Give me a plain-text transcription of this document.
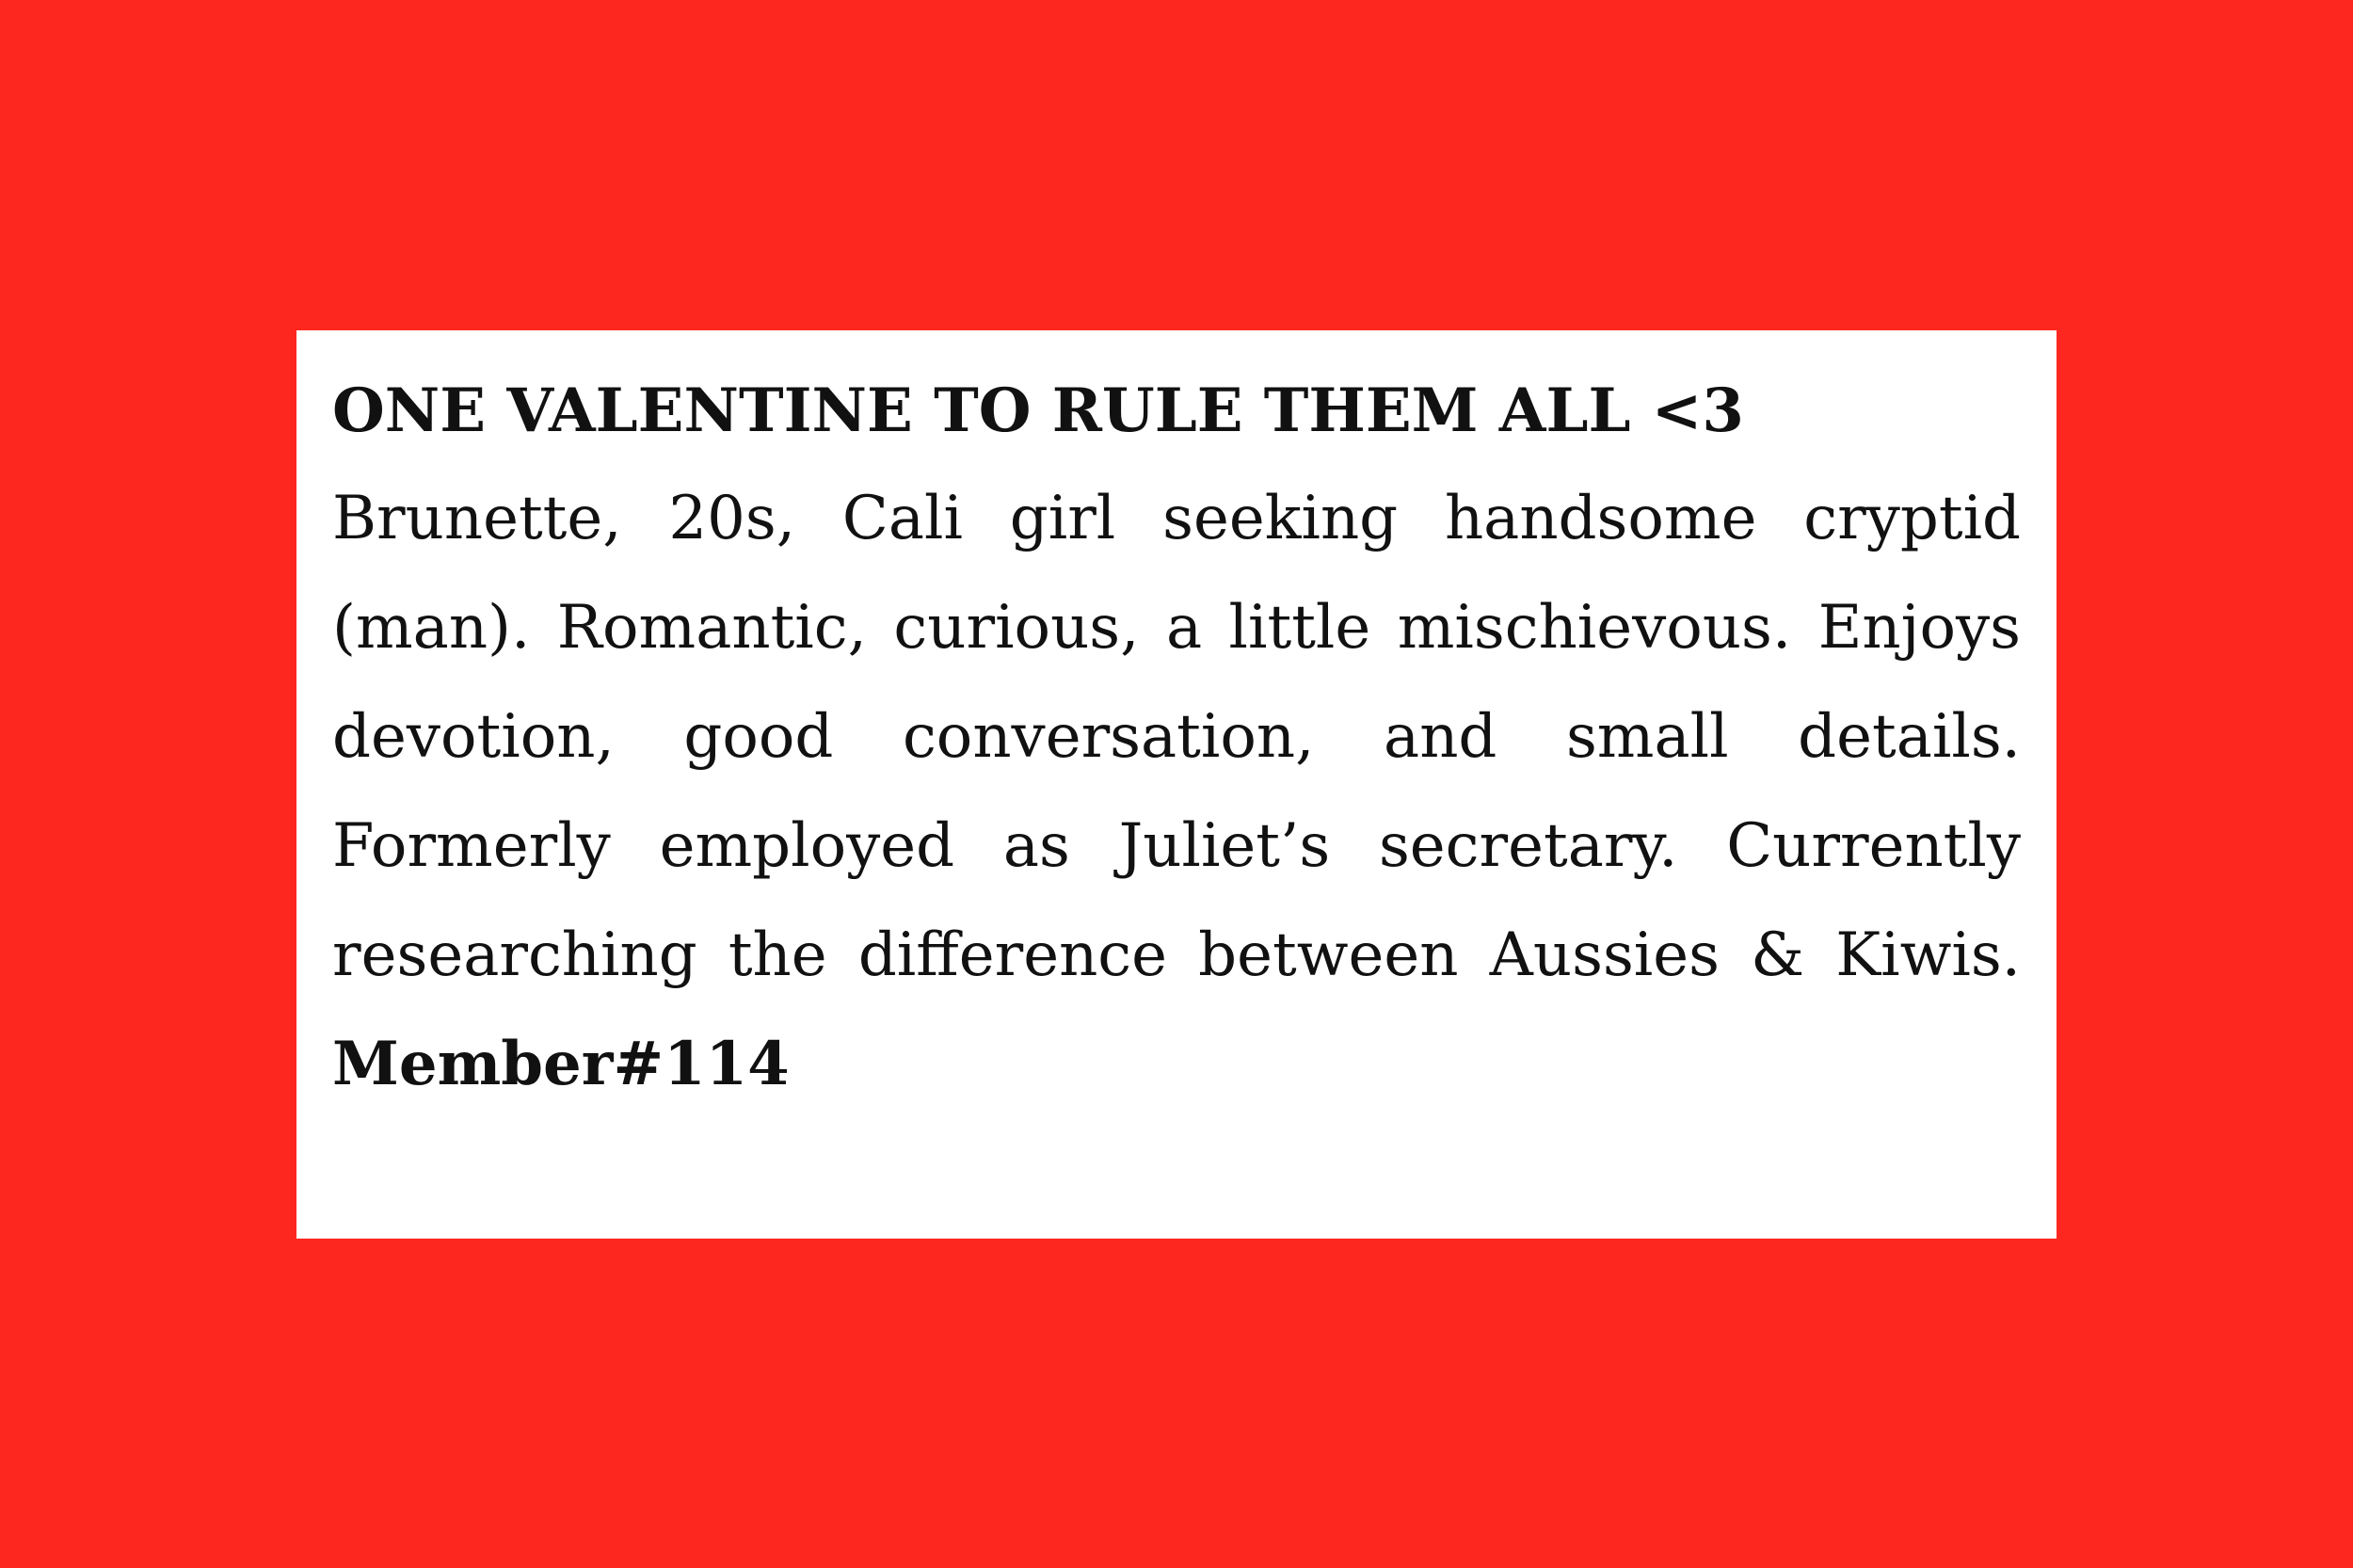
ONE VALENTINE TO RULE THEM ALL <3

Brunette, 20s, Cali girl seeking handsome cryptid (man). Romantic, curious, a little mischievous. Enjoys devotion, good conversation, and small details. Formerly employed as Juliet’s secretary. Currently researching the difference between Aussies & Kiwis. Member#114
